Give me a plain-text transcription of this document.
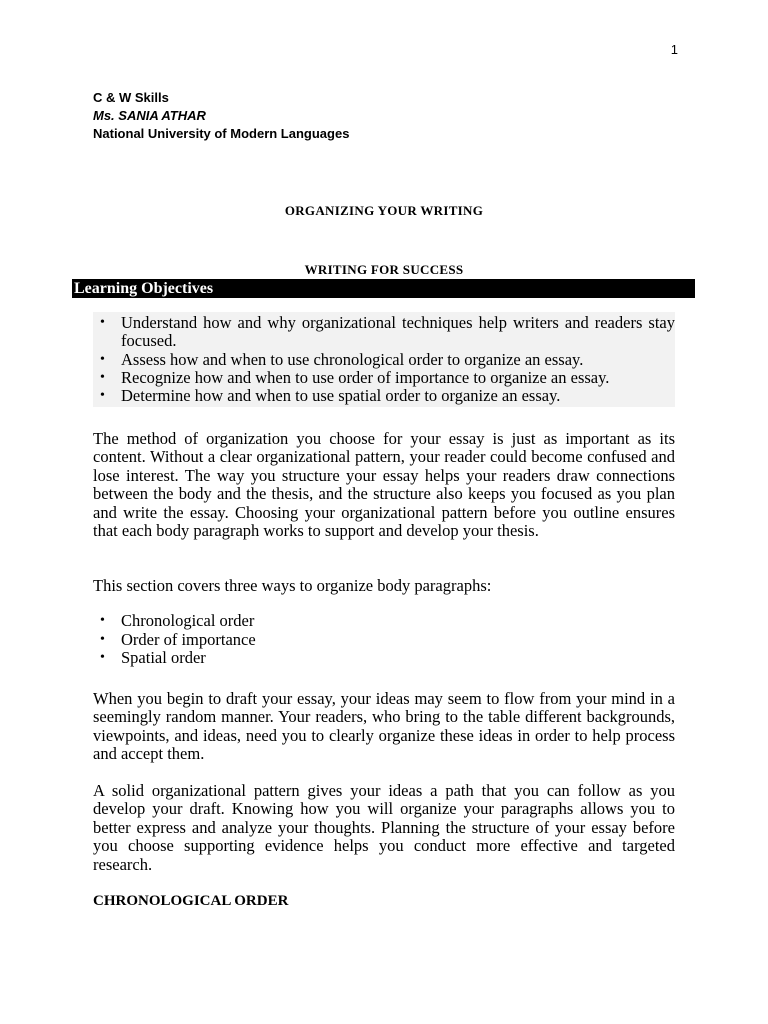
1
C & W Skills
Ms. SANIA ATHAR
National University of Modern Languages
ORGANIZING YOUR WRITING
WRITING FOR SUCCESS
Learning Objectives
• Understand how and why organizational techniques help writers and readers stay focused.
• Assess how and when to use chronological order to organize an essay.
• Recognize how and when to use order of importance to organize an essay.
• Determine how and when to use spatial order to organize an essay.

The method of organization you choose for your essay is just as important as its content. Without a clear organizational pattern, your reader could become confused and lose interest. The way you structure your essay helps your readers draw connections between the body and the thesis, and the structure also keeps you focused as you plan and write the essay. Choosing your organizational pattern before you outline ensures that each body paragraph works to support and develop your thesis.

This section covers three ways to organize body paragraphs:

• Chronological order
• Order of importance
• Spatial order

When you begin to draft your essay, your ideas may seem to flow from your mind in a seemingly random manner. Your readers, who bring to the table different backgrounds, viewpoints, and ideas, need you to clearly organize these ideas in order to help process and accept them.

A solid organizational pattern gives your ideas a path that you can follow as you develop your draft. Knowing how you will organize your paragraphs allows you to better express and analyze your thoughts. Planning the structure of your essay before you choose supporting evidence helps you conduct more effective and targeted research.

CHRONOLOGICAL ORDER
